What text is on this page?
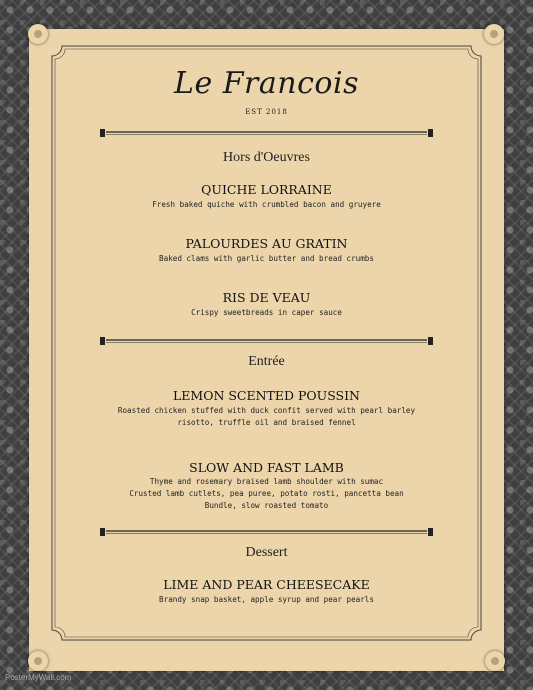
Le Francois
EST 2018
Hors d'Oeuvres
QUICHE LORRAINE
Fresh baked quiche with crumbled bacon and gruyere
PALOURDES AU GRATIN
Baked clams with garlic butter and bread crumbs
RIS DE VEAU
Crispy sweetbreads in caper sauce
Entrée
LEMON SCENTED POUSSIN
Roasted chicken stuffed with duck confit served with pearl barley
risotto, truffle oil and braised fennel
SLOW AND FAST LAMB
Thyme and rosemary braised lamb shoulder with sumac
Crusted lamb cutlets, pea puree, potato rosti, pancetta bean
Bundle, slow roasted tomato
Dessert
LIME AND PEAR CHEESECAKE
Brandy snap basket, apple syrup and pear pearls
PosterMyWall.com
